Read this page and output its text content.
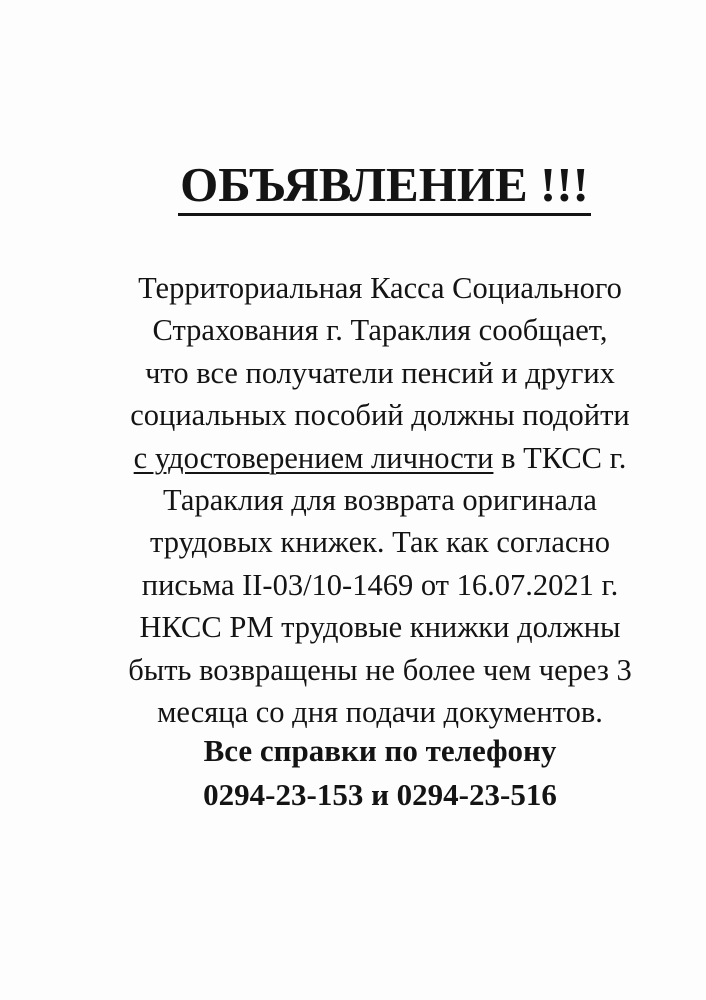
ОБЪЯВЛЕНИЕ !!!

Территориальная Касса Социального
Страхования г. Тараклия сообщает,
что все получатели пенсий и других
социальных пособий должны подойти
с удостоверением личности в ТКСС г.
Тараклия для возврата оригинала
трудовых книжек. Так как согласно
письма II-03/10-1469 от 16.07.2021 г.
НКСС РМ трудовые книжки должны
быть возвращены не более чем через 3
месяца со дня подачи документов.

Все справки по телефону
0294-23-153 и 0294-23-516
